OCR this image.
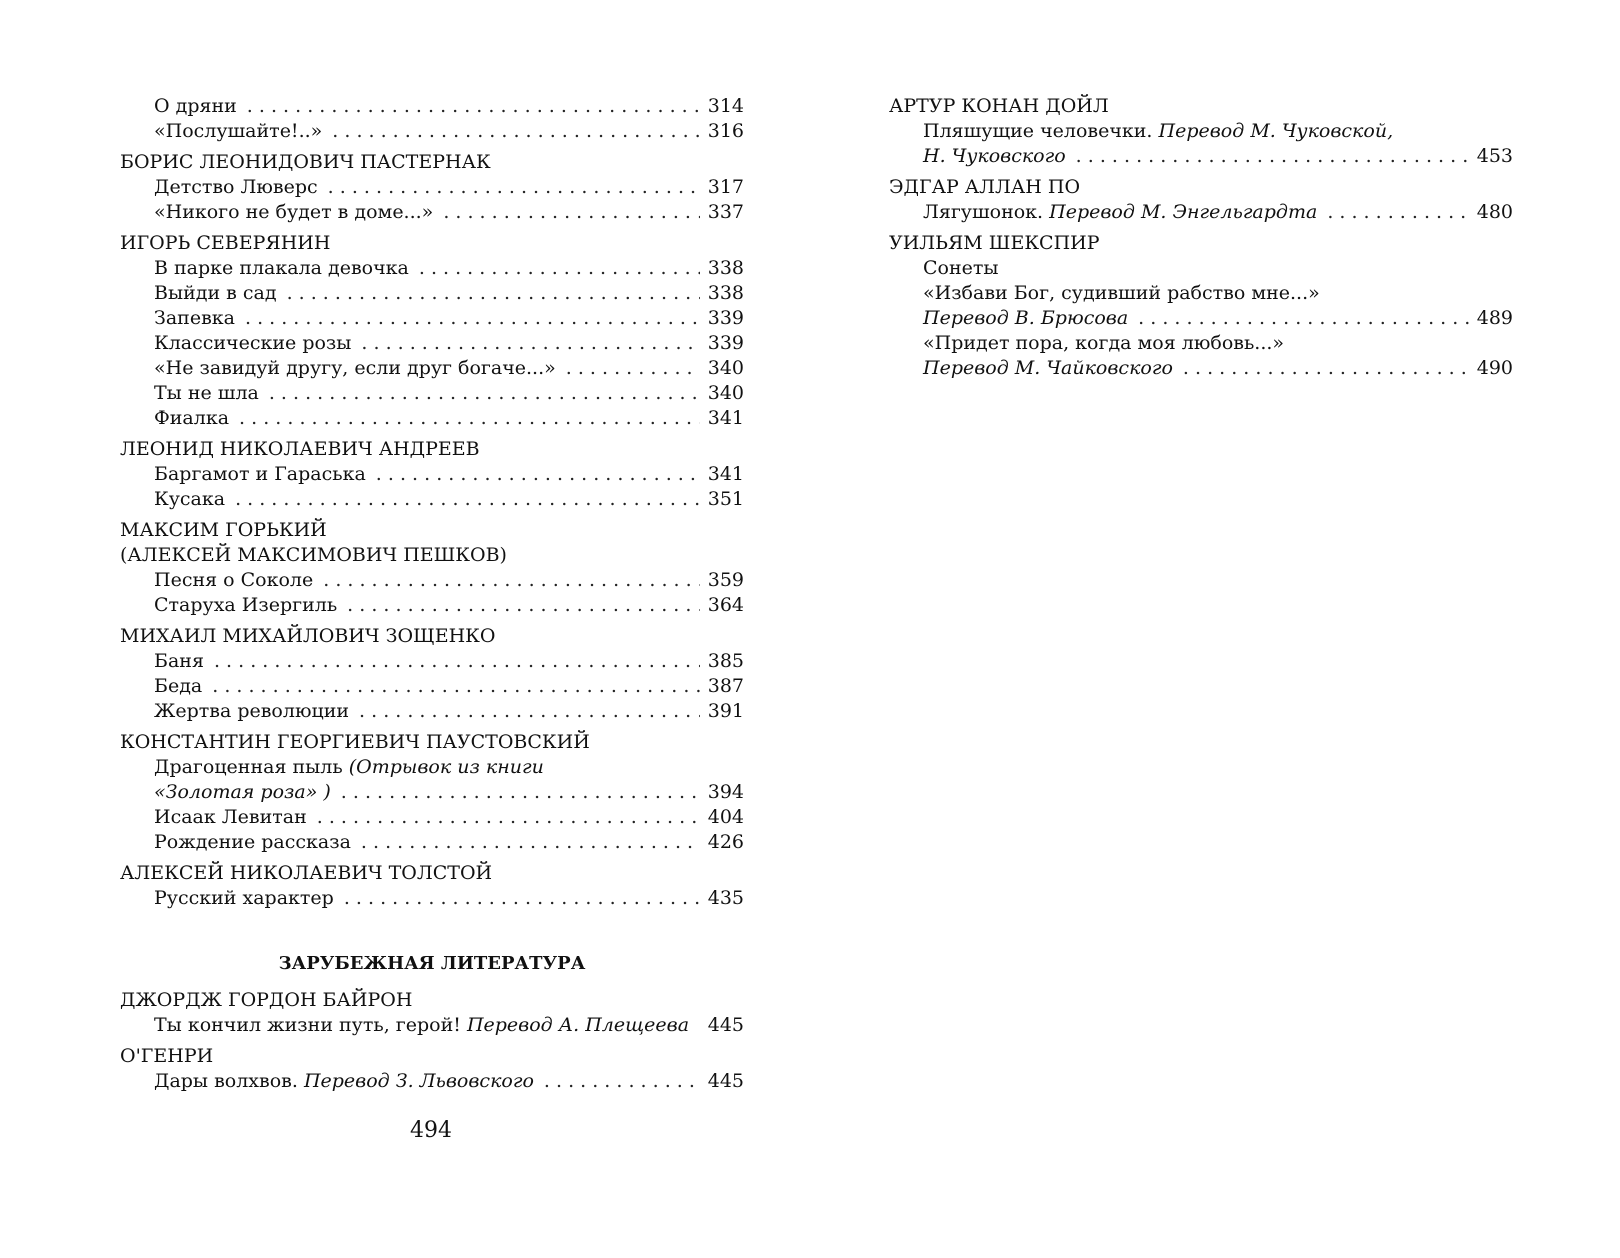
О дряни . . .	314
«Послушайте!..» . . .	316
БОРИС ЛЕОНИДОВИЧ ПАСТЕРНАК
Детство Люверс . . .	317
«Никого не будет в доме...» . . .	337
ИГОРЬ СЕВЕРЯНИН
В парке плакала девочка . . .	338
Выйди в сад . . .	338
Запевка . . .	339
Классические розы . . .	339
«Не завидуй другу, если друг богаче...» . . .	340
Ты не шла . . .	340
Фиалка . . .	341
ЛЕОНИД НИКОЛАЕВИЧ АНДРЕЕВ
Баргамот и Гараська . . .	341
Кусака . . .	351
МАКСИМ ГОРЬКИЙ
(АЛЕКСЕЙ МАКСИМОВИЧ ПЕШКОВ)
Песня о Соколе . . .	359
Старуха Изергиль . . .	364
МИХАИЛ МИХАЙЛОВИЧ ЗОЩЕНКО
Баня . . .	385
Беда . . .	387
Жертва революции . . .	391
КОНСТАНТИН ГЕОРГИЕВИЧ ПАУСТОВСКИЙ
Драгоценная пыль (Отрывок из книги
«Золотая роза» ) . . .	394
Исаак Левитан . . .	404
Рождение рассказа . . .	426
АЛЕКСЕЙ НИКОЛАЕВИЧ ТОЛСТОЙ
Русский характер . . .	435
ЗАРУБЕЖНАЯ ЛИТЕРАТУРА
ДЖОРДЖ ГОРДОН БАЙРОН
Ты кончил жизни путь, герой! Перевод А. Плещеева . . . 445
О'ГЕНРИ
Дары волхвов. Перевод З. Львовского . . .	445
АРТУР КОНАН ДОЙЛ
Пляшущие человечки. Перевод М. Чуковской,
Н. Чуковского . . .	453
ЭДГАР АЛЛАН ПО
Лягушонок. Перевод М. Энгельгардта . . .	480
УИЛЬЯМ ШЕКСПИР
Сонеты
«Избави Бог, судивший рабство мне...»
Перевод В. Брюсова . . .	489
«Придет пора, когда моя любовь...»
Перевод М. Чайковского . . .	490
494
